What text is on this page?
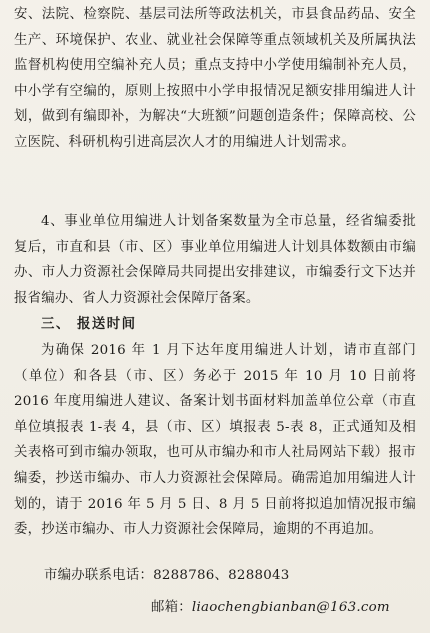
安、法院、检察院、基层司法所等政法机关，市县食品药品、安全生产、环境保护、农业、就业社会保障等重点领域机关及所属执法监督机构使用空编补充人员；重点支持中小学使用编制补充人员，中小学有空编的，原则上按照中小学申报情况足额安排用编进人计划，做到有编即补，为解决“大班额”问题创造条件；保障高校、公立医院、科研机构引进高层次人才的用编进人计划需求。

4、事业单位用编进人计划备案数量为全市总量，经省编委批复后，市直和县（市、区）事业单位用编进人计划具体数额由市编办、市人力资源社会保障局共同提出安排建议，市编委行文下达并报省编办、省人力资源社会保障厅备案。

三、 报送时间

为确保 2016 年 1 月下达年度用编进人计划，请市直部门（单位）和各县（市、区）务必于 2015 年 10 月 10 日前将 2016 年度用编进人建议、备案计划书面材料加盖单位公章（市直单位填报表 1-表 4，县（市、区）填报表 5-表 8，正式通知及相关表格可到市编办领取，也可从市编办和市人社局网站下载）报市编委，抄送市编办、市人力资源社会保障局。确需追加用编进人计划的，请于 2016 年 5 月 5 日、8 月 5 日前将拟追加情况报市编委，抄送市编办、市人力资源社会保障局，逾期的不再追加。

市编办联系电话：8288786、8288043

邮箱：liaochengbianban@163.com
